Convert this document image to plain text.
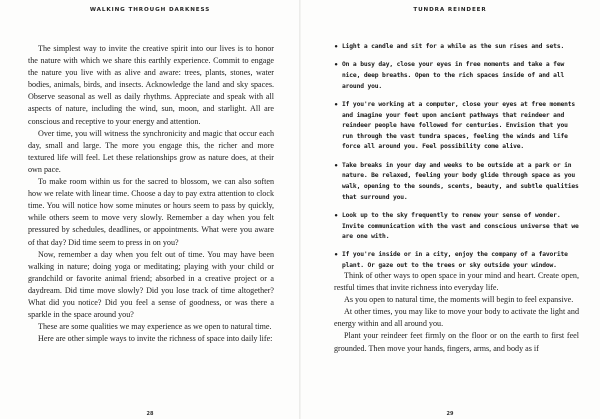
WALKING THROUGH DARKNESS

The simplest way to invite the creative spirit into our lives is to honor the nature with which we share this earthly experience. Commit to engage the nature you live with as alive and aware: trees, plants, stones, water bodies, animals, birds, and insects. Acknowledge the land and sky spaces. Observe seasonal as well as daily rhythms. Appreciate and speak with all aspects of nature, including the wind, sun, moon, and starlight. All are conscious and receptive to your energy and attention.

Over time, you will witness the synchronicity and magic that occur each day, small and large. The more you engage this, the richer and more textured life will feel. Let these relationships grow as nature does, at their own pace.

To make room within us for the sacred to blossom, we can also soften how we relate with linear time. Choose a day to pay extra attention to clock time. You will notice how some minutes or hours seem to pass by quickly, while others seem to move very slowly. Remember a day when you felt pressured by schedules, deadlines, or appointments. What were you aware of that day? Did time seem to press in on you?

Now, remember a day when you felt out of time. You may have been walking in nature; doing yoga or meditating; playing with your child or grandchild or favorite animal friend; absorbed in a creative project or a daydream. Did time move slowly? Did you lose track of time altogether? What did you notice? Did you feel a sense of goodness, or was there a sparkle in the space around you?

These are some qualities we may experience as we open to natural time.

Here are other simple ways to invite the richness of space into daily life:

28
TUNDRA REINDEER
29
• Light a candle and sit for a while as the sun rises and sets.
• On a busy day, close your eyes in free moments and take a few nice, deep breaths. Open to the rich spaces inside of and all around you.
• If you're working at a computer, close your eyes at free moments and imagine your feet upon ancient pathways that reindeer and reindeer people have followed for centuries. Envision that you run through the vast tundra spaces, feeling the winds and life force all around you. Feel possibility come alive.
• Take breaks in your day and weeks to be outside at a park or in nature. Be relaxed, feeling your body glide through space as you walk, opening to the sounds, scents, beauty, and subtle qualities that surround you.
• Look up to the sky frequently to renew your sense of wonder. Invite communication with the vast and conscious universe that we are one with.
• If you're inside or in a city, enjoy the company of a favorite plant. Or gaze out to the trees or sky outside your window.

Think of other ways to open space in your mind and heart. Create open, restful times that invite richness into everyday life.

As you open to natural time, the moments will begin to feel expansive.

At other times, you may like to move your body to activate the light and energy within and all around you.

Plant your reindeer feet firmly on the floor or on the earth to first feel grounded. Then move your hands, fingers, arms, and body as if
